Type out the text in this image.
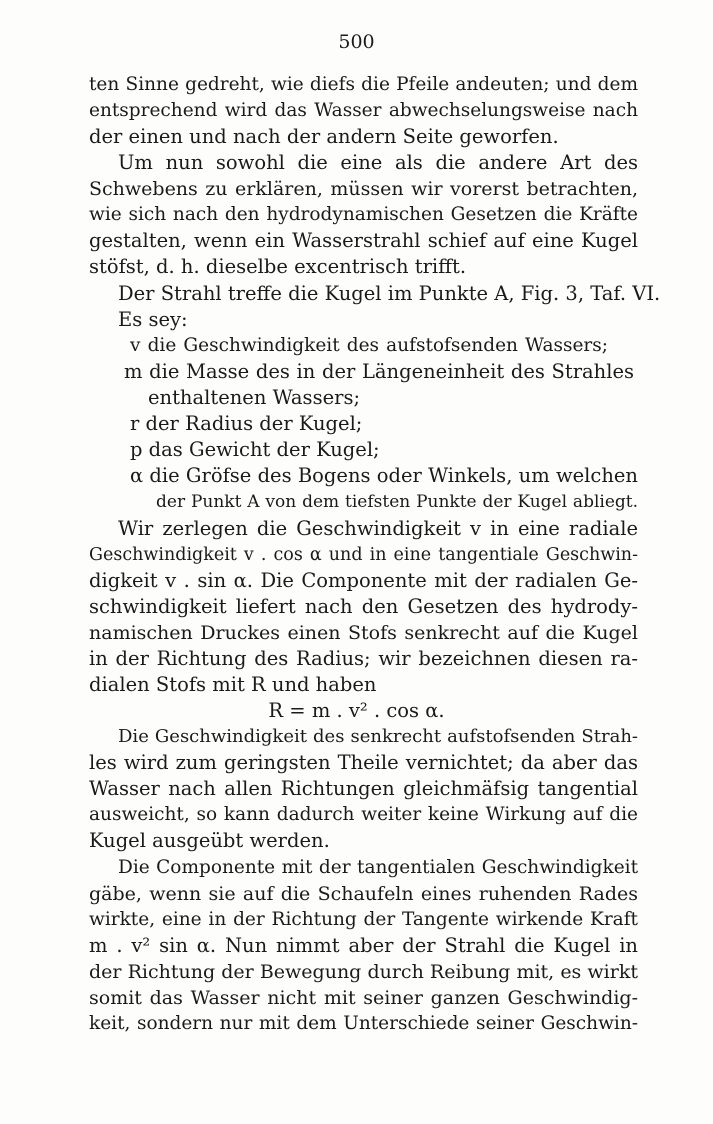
500
ten Sinne gedreht, wie diefs die Pfeile andeuten; und dem
entsprechend wird das Wasser abwechselungsweise nach
der einen und nach der andern Seite geworfen.
Um nun sowohl die eine als die andere Art des
Schwebens zu erklären, müssen wir vorerst betrachten,
wie sich nach den hydrodynamischen Gesetzen die Kräfte
gestalten, wenn ein Wasserstrahl schief auf eine Kugel
stöfst, d. h. dieselbe excentrisch trifft.
Der Strahl treffe die Kugel im Punkte A, Fig. 3, Taf. VI.
Es sey:
v die Geschwindigkeit des aufstofsenden Wassers;
m die Masse des in der Längeneinheit des Strahles
enthaltenen Wassers;
r der Radius der Kugel;
p das Gewicht der Kugel;
α die Gröfse des Bogens oder Winkels, um welchen
der Punkt A von dem tiefsten Punkte der Kugel abliegt.
Wir zerlegen die Geschwindigkeit v in eine radiale
Geschwindigkeit v . cos α und in eine tangentiale Geschwin-
digkeit v . sin α. Die Componente mit der radialen Ge-
schwindigkeit liefert nach den Gesetzen des hydrody-
namischen Druckes einen Stofs senkrecht auf die Kugel
in der Richtung des Radius; wir bezeichnen diesen ra-
dialen Stofs mit R und haben
R = m . v² . cos α.
Die Geschwindigkeit des senkrecht aufstofsenden Strah-
les wird zum geringsten Theile vernichtet; da aber das
Wasser nach allen Richtungen gleichmäfsig tangential
ausweicht, so kann dadurch weiter keine Wirkung auf die
Kugel ausgeübt werden.
Die Componente mit der tangentialen Geschwindigkeit
gäbe, wenn sie auf die Schaufeln eines ruhenden Rades
wirkte, eine in der Richtung der Tangente wirkende Kraft
m . v² sin α. Nun nimmt aber der Strahl die Kugel in
der Richtung der Bewegung durch Reibung mit, es wirkt
somit das Wasser nicht mit seiner ganzen Geschwindig-
keit, sondern nur mit dem Unterschiede seiner Geschwin-
